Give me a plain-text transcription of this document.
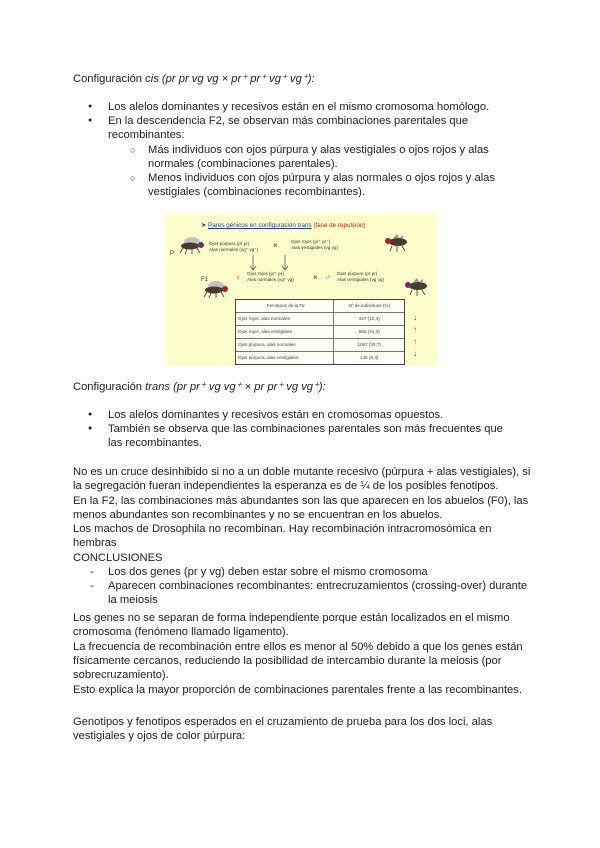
Configuración cis (pr pr vg vg × pr⁺ pr⁺ vg⁺ vg⁺):

● Los alelos dominantes y recesivos están en el mismo cromosoma homólogo.
● En la descendencia F2, se observan más combinaciones parentales que recombinantes:
○ Más individuos con ojos púrpura y alas vestigiales o ojos rojos y alas normales (combinaciones parentales).
○ Menos individuos con ojos púrpura y alas normales o ojos rojos y alas vestigiales (combinaciones recombinantes).
➤ Pares génicos en configuración trans (fase de repulsión)
P:
Ojos púrpura (pr pr)
Alas normales (vg⁺ vg⁺) ×	Ojos rojos (pr⁺ pr⁺)
Alas vestigiales (vg vg)
F1	♀ Ojos rojos (pr⁺ pr)
Alas normales (vg⁺ vg) × ♂ Ojos púrpura (pr pr)
Alas vestigiales (vg vg)
Fenotipos de la F2	Nº de individuos (%)
Ojos rojos, alas normales	157 (12,4)
Ojos rojos, alas vestigiales	965 (41,3)
Ojos púrpura, alas normales	1067 (45,7)
Ojos púrpura, alas vestigiales	146 (6,3)
↓
↑
↑
↓

Configuración trans (pr pr⁺ vg vg⁺ × pr pr⁺ vg vg⁺):

● Los alelos dominantes y recesivos están en cromosomas opuestos.
● También se observa que las combinaciones parentales son más frecuentes que las recombinantes.

No es un cruce desinhibido si no a un doble mutante recesivo (púrpura + alas vestigiales), si la segregación fueran independientes la esperanza es de ¼ de los posibles fenotipos.

En la F2, las combinaciones más abundantes son las que aparecen en los abuelos (F0), las menos abundantes son recombinantes y no se encuentran en los abuelos.

Los machos de Drosophila no recombinan. Hay recombinación intracromosómica en hembras

CONCLUSIONES

- Los dos genes (pr y vg) deben estar sobre el mismo cromosoma
- Aparecen combinaciones recombinantes: entrecruzamientos (crossing-over) durante la meiosis

Los genes no se separan de forma independiente porque están localizados en el mismo cromosoma (fenómeno llamado ligamento).

La frecuencia de recombinación entre ellos es menor al 50% debido a que los genes están físicamente cercanos, reduciendo la posibilidad de intercambio durante la meiosis (por sobrecruzamiento).

Esto explica la mayor proporción de combinaciones parentales frente a las recombinantes.

Genotipos y fenotipos esperados en el cruzamiento de prueba para los dos loci, alas vestigiales y ojos de color púrpura:
